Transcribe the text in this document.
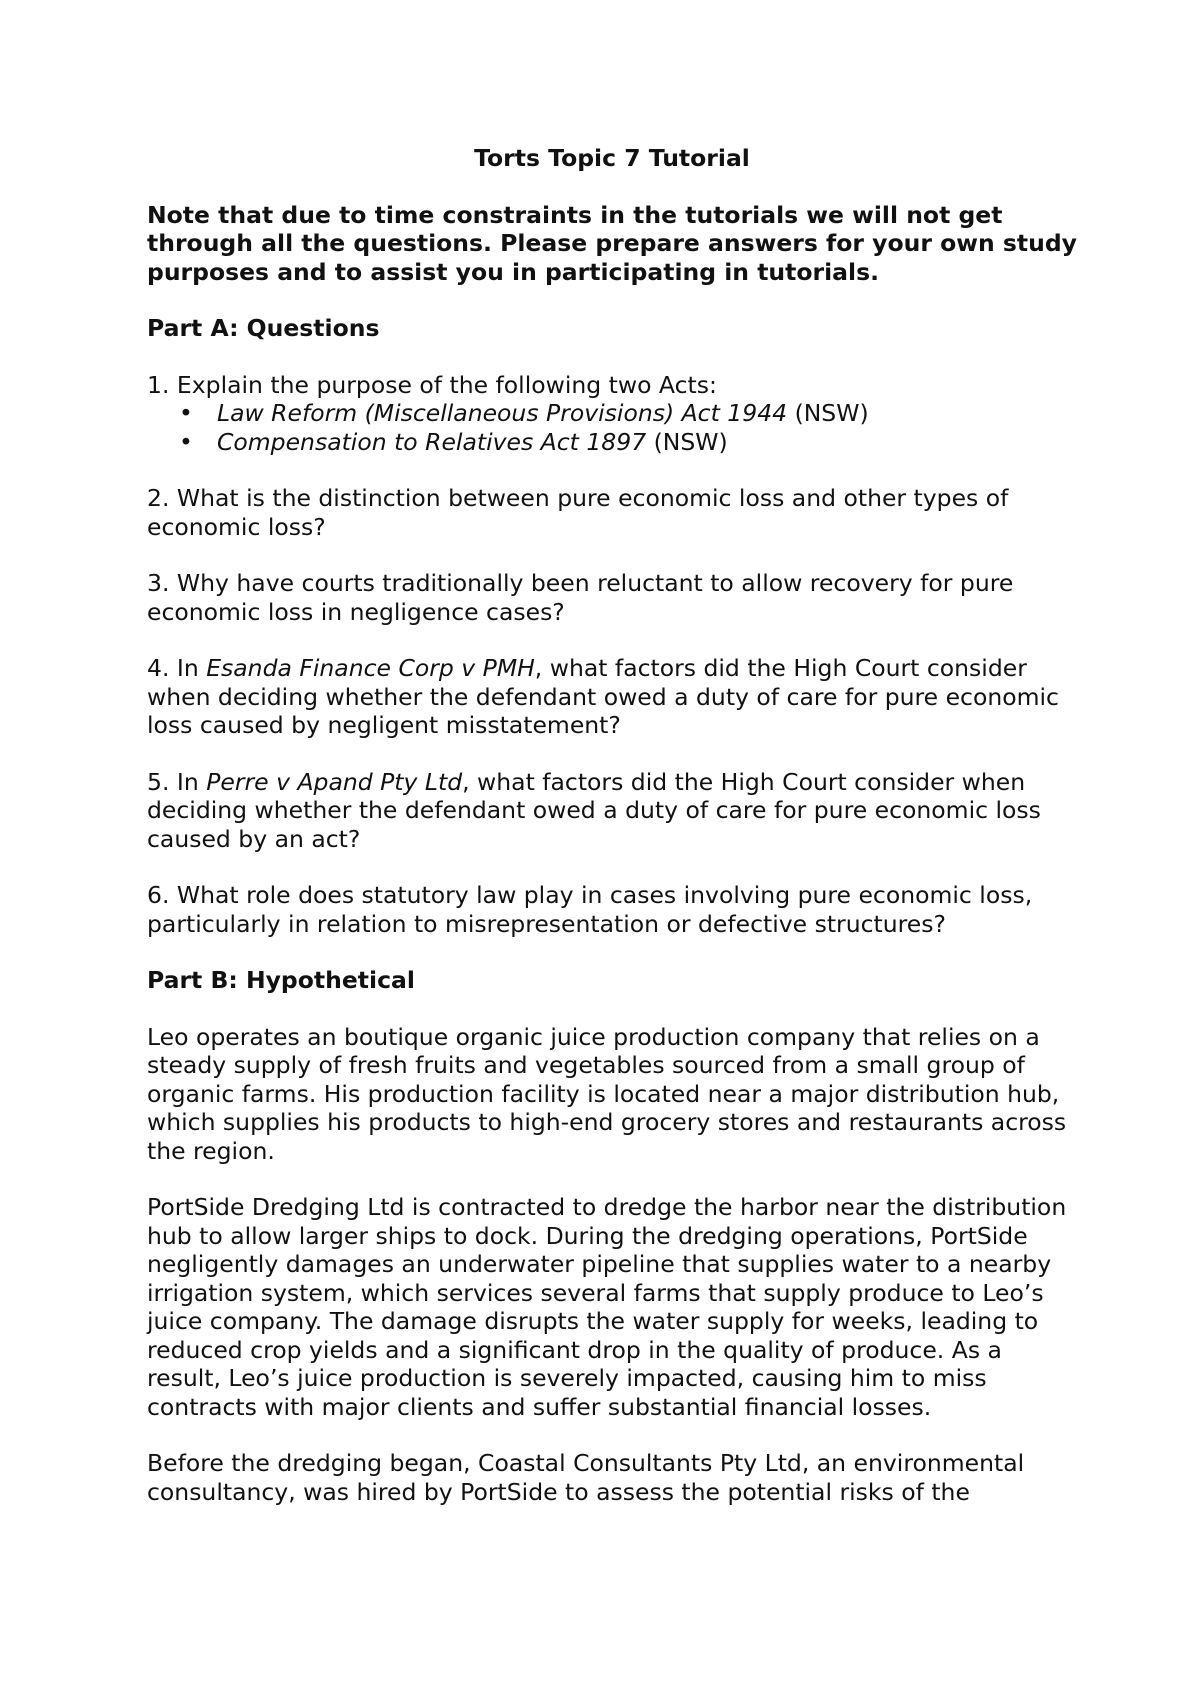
Torts Topic 7 Tutorial
Note that due to time constraints in the tutorials we will not get through all the questions. Please prepare answers for your own study purposes and to assist you in participating in tutorials.
Part A: Questions
1. Explain the purpose of the following two Acts:
• Law Reform (Miscellaneous Provisions) Act 1944 (NSW)
• Compensation to Relatives Act 1897 (NSW)

2. What is the distinction between pure economic loss and other types of economic loss?

3. Why have courts traditionally been reluctant to allow recovery for pure economic loss in negligence cases?

4. In Esanda Finance Corp v PMH, what factors did the High Court consider when deciding whether the defendant owed a duty of care for pure economic loss caused by negligent misstatement?

5. In Perre v Apand Pty Ltd, what factors did the High Court consider when deciding whether the defendant owed a duty of care for pure economic loss caused by an act?

6. What role does statutory law play in cases involving pure economic loss, particularly in relation to misrepresentation or defective structures?

Part B: Hypothetical

Leo operates an boutique organic juice production company that relies on a steady supply of fresh fruits and vegetables sourced from a small group of organic farms. His production facility is located near a major distribution hub, which supplies his products to high-end grocery stores and restaurants across the region.

PortSide Dredging Ltd is contracted to dredge the harbor near the distribution hub to allow larger ships to dock. During the dredging operations, PortSide negligently damages an underwater pipeline that supplies water to a nearby irrigation system, which services several farms that supply produce to Leo’s juice company. The damage disrupts the water supply for weeks, leading to reduced crop yields and a significant drop in the quality of produce. As a result, Leo’s juice production is severely impacted, causing him to miss contracts with major clients and suffer substantial financial losses.

Before the dredging began, Coastal Consultants Pty Ltd, an environmental consultancy, was hired by PortSide to assess the potential risks of the
